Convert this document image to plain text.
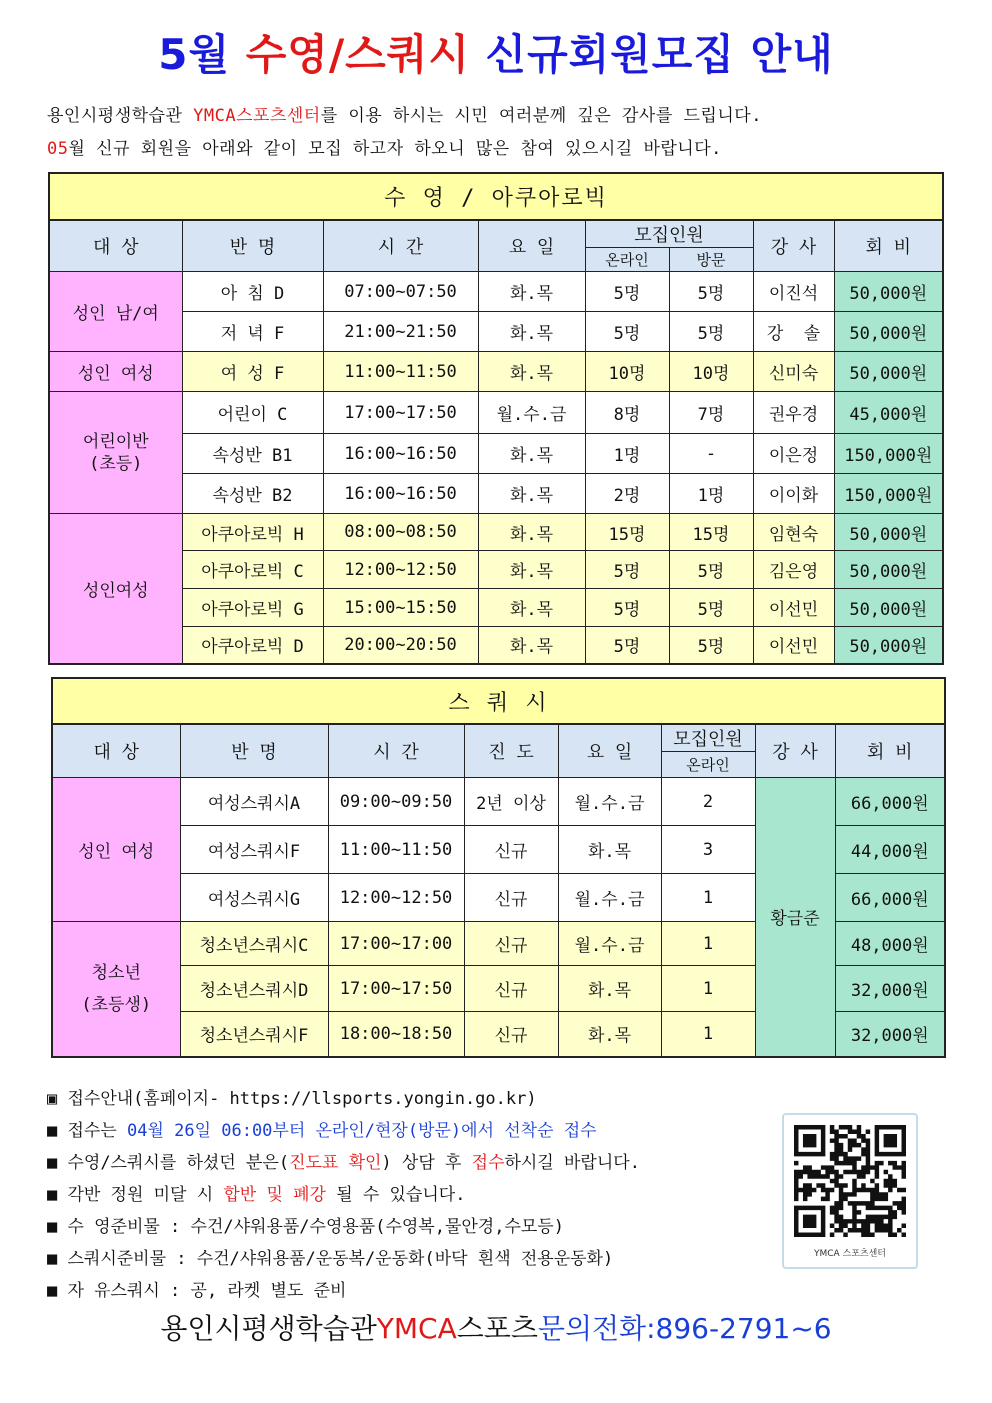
5월 수영/스쿼시 신규회원모집 안내
용인시평생학습관 YMCA스포츠센터를 이용 하시는 시민 여러분께 깊은 감사를 드립니다.
05월 신규 회원을 아래와 같이 모집 하고자 하오니 많은 참여 있으시길 바랍니다.
수 영 / 아쿠아로빅							
대 상	반 명	시 간	요 일	모집인원		강 사	회 비
				온라인	방문		
성인 남/여	아 침 D	07:00~07:50	화.목	5명	5명	이진석	50,000원
	저 녁 F	21:00~21:50	화.목	5명	5명	강  솔	50,000원
성인 여성	여 성 F	11:00~11:50	화.목	10명	10명	신미숙	50,000원
어린이반
(초등)	어린이 C	17:00~17:50	월.수.금	8명	7명	권우경	45,000원
	속성반 B1	16:00~16:50	화.목	1명	-	이은정	150,000원
	속성반 B2	16:00~16:50	화.목	2명	1명	이이화	150,000원
성인여성	아쿠아로빅 H	08:00~08:50	화.목	15명	15명	임현숙	50,000원
	아쿠아로빅 C	12:00~12:50	화.목	5명	5명	김은영	50,000원
	아쿠아로빅 G	15:00~15:50	화.목	5명	5명	이선민	50,000원
	아쿠아로빅 D	20:00~20:50	화.목	5명	5명	이선민	50,000원
스 쿼 시							
대 상	반 명	시 간	진 도	요 일	모집인원	강 사	회 비
					온라인		
성인 여성	여성스쿼시A	09:00~09:50	2년 이상	월.수.금	2	황금준	66,000원
	여성스쿼시F	11:00~11:50	신규	화.목	3		44,000원
	여성스쿼시G	12:00~12:50	신규	월.수.금	1		66,000원
청소년
(초등생)	청소년스쿼시C	17:00~17:00	신규	월.수.금	1		48,000원
	청소년스쿼시D	17:00~17:50	신규	화.목	1		32,000원
	청소년스쿼시F	18:00~18:50	신규	화.목	1		32,000원
▣ 접수안내(홈페이지- https://llsports.yongin.go.kr)
■ 접수는 04월 26일 06:00부터 온라인/현장(방문)에서 선착순 접수
■ 수영/스쿼시를 하셨던 분은(진도표 확인) 상담 후 접수하시길 바랍니다.
■ 각반 정원 미달 시 합반 및 폐강 될 수 있습니다.
■ 수 영준비물 : 수건/샤워용품/수영용품(수영복,물안경,수모등)
■ 스쿼시준비물 : 수건/샤워용품/운동복/운동화(바닥 흰색 전용운동화)
■ 자 유스쿼시 : 공, 라켓 별도 준비
YMCA 스포츠센터
용인시평생학습관YMCA스포츠문의전화:896-2791~6
